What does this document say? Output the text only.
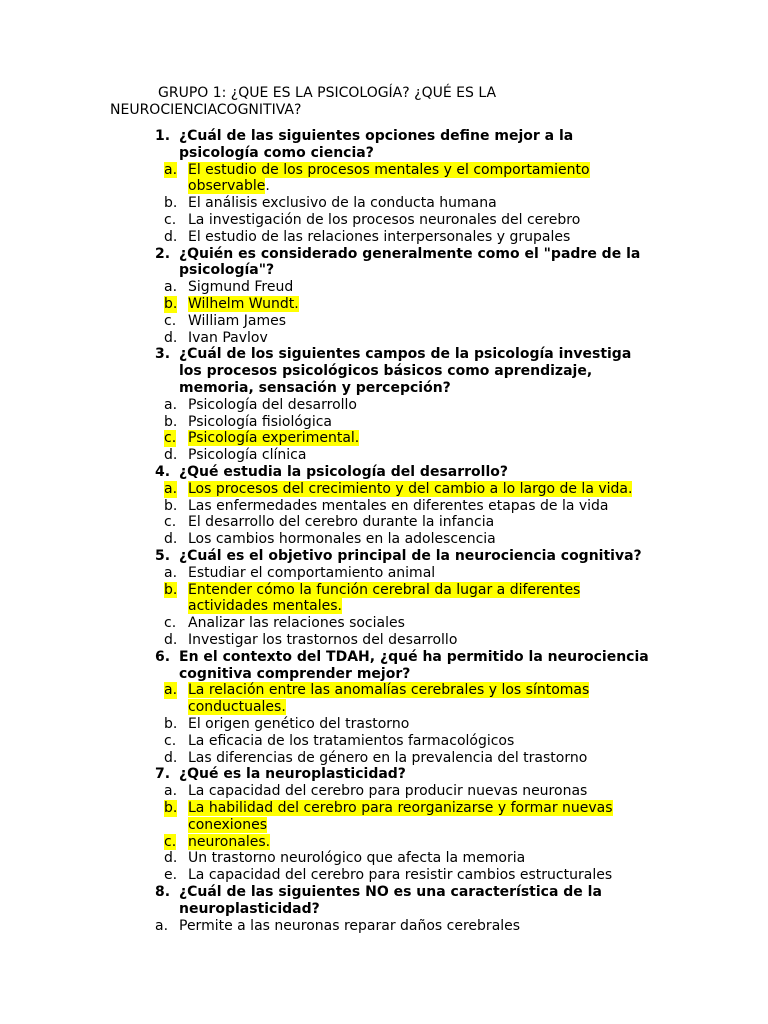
GRUPO 1: ¿QUE ES LA PSICOLOGÍA? ¿QUÉ ES LA
NEUROCIENCIACOGNITIVA?
1. ¿Cuál de las siguientes opciones define mejor a la
psicología como ciencia?
a. El estudio de los procesos mentales y el comportamiento
observable.
b. El análisis exclusivo de la conducta humana
c. La investigación de los procesos neuronales del cerebro
d. El estudio de las relaciones interpersonales y grupales
2. ¿Quién es considerado generalmente como el "padre de la
psicología"?
a. Sigmund Freud
b. Wilhelm Wundt.
c. William James
d. Ivan Pavlov
3. ¿Cuál de los siguientes campos de la psicología investiga
los procesos psicológicos básicos como aprendizaje,
memoria, sensación y percepción?
a. Psicología del desarrollo
b. Psicología fisiológica
c. Psicología experimental.
d. Psicología clínica
4. ¿Qué estudia la psicología del desarrollo?
a. Los procesos del crecimiento y del cambio a lo largo de la vida.
b. Las enfermedades mentales en diferentes etapas de la vida
c. El desarrollo del cerebro durante la infancia
d. Los cambios hormonales en la adolescencia
5. ¿Cuál es el objetivo principal de la neurociencia cognitiva?
a. Estudiar el comportamiento animal
b. Entender cómo la función cerebral da lugar a diferentes
actividades mentales.
c. Analizar las relaciones sociales
d. Investigar los trastornos del desarrollo
6. En el contexto del TDAH, ¿qué ha permitido la neurociencia
cognitiva comprender mejor?
a. La relación entre las anomalías cerebrales y los síntomas
conductuales.
b. El origen genético del trastorno
c. La eficacia de los tratamientos farmacológicos
d. Las diferencias de género en la prevalencia del trastorno
7. ¿Qué es la neuroplasticidad?
a. La capacidad del cerebro para producir nuevas neuronas
b. La habilidad del cerebro para reorganizarse y formar nuevas
conexiones
c. neuronales.
d. Un trastorno neurológico que afecta la memoria
e. La capacidad del cerebro para resistir cambios estructurales
8. ¿Cuál de las siguientes NO es una característica de la
neuroplasticidad?
a. Permite a las neuronas reparar daños cerebrales
